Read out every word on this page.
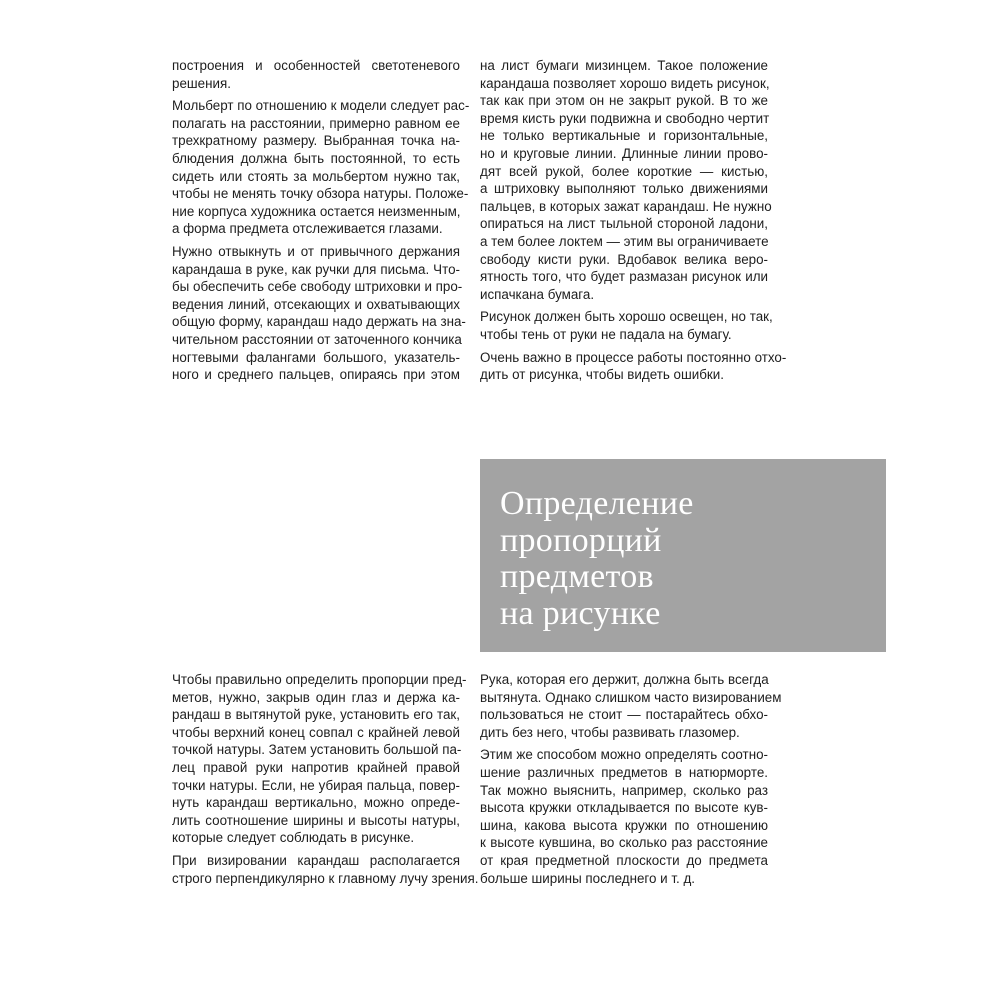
построения и особенностей светотеневого
решения.

Мольберт по отношению к модели следует рас-
полагать на расстоянии, примерно равном ее
трехкратному размеру. Выбранная точка на-
блюдения должна быть постоянной, то есть
сидеть или стоять за мольбертом нужно так,
чтобы не менять точку обзора натуры. Положе-
ние корпуса художника остается неизменным,
а форма предмета отслеживается глазами.

Нужно отвыкнуть и от привычного держания
карандаша в руке, как ручки для письма. Что-
бы обеспечить себе свободу штриховки и про-
ведения линий, отсекающих и охватывающих
общую форму, карандаш надо держать на зна-
чительном расстоянии от заточенного кончика
ногтевыми фалангами большого, указатель-
ного и среднего пальцев, опираясь при этом

на лист бумаги мизинцем. Такое положение
карандаша позволяет хорошо видеть рисунок,
так как при этом он не закрыт рукой. В то же
время кисть руки подвижна и свободно чертит
не только вертикальные и горизонтальные,
но и круговые линии. Длинные линии прово-
дят всей рукой, более короткие — кистью,
а штриховку выполняют только движениями
пальцев, в которых зажат карандаш. Не нужно
опираться на лист тыльной стороной ладони,
а тем более локтем — этим вы ограничиваете
свободу кисти руки. Вдобавок велика веро-
ятность того, что будет размазан рисунок или
испачкана бумага.

Рисунок должен быть хорошо освещен, но так,
чтобы тень от руки не падала на бумагу.

Очень важно в процессе работы постоянно отхо-
дить от рисунка, чтобы видеть ошибки.

Определение
пропорций
предметов
на рисунке

Чтобы правильно определить пропорции пред-
метов, нужно, закрыв один глаз и держа ка-
рандаш в вытянутой руке, установить его так,
чтобы верхний конец совпал с крайней левой
точкой натуры. Затем установить большой па-
лец правой руки напротив крайней правой
точки натуры. Если, не убирая пальца, повер-
нуть карандаш вертикально, можно опреде-
лить соотношение ширины и высоты натуры,
которые следует соблюдать в рисунке.

При визировании карандаш располагается
строго перпендикулярно к главному лучу зрения.

Рука, которая его держит, должна быть всегда
вытянута. Однако слишком часто визированием
пользоваться не стоит — постарайтесь обхо-
дить без него, чтобы развивать глазомер.

Этим же способом можно определять соотно-
шение различных предметов в натюрморте.
Так можно выяснить, например, сколько раз
высота кружки откладывается по высоте кув-
шина, какова высота кружки по отношению
к высоте кувшина, во сколько раз расстояние
от края предметной плоскости до предмета
больше ширины последнего и т. д.
